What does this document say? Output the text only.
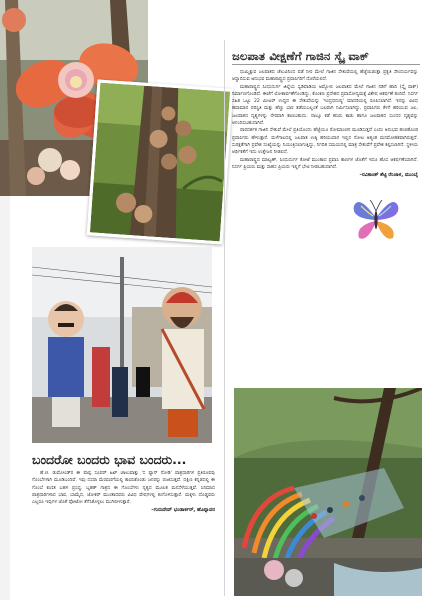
ಜಲಪಾತ ವೀಕ್ಷಣೆಗೆ ಗಾಜಿನ ಸ್ಕೈ ವಾಕ್

ಧುಮ್ಮಿಕ್ಕುವ ಜಲಪಾತದ ಚೆಲುವಿನಿಂದ ಪಡೆ ನೀರ ಮೇಲೆ ಗಾಜಿನ ಸೇತುವೆಯಲ್ಲಿ ಹೆಜ್ಜೆಯಿಡುತ್ತಾ ಪ್ರಕೃತಿ ಸೌಂದರ್ಯವನ್ನು ಆಸ್ವಾದಿಸುವ ಅನುಭವ ಮಹಾರಾಷ್ಟ್ರದ ಪ್ರವಾಸಿಗರಿಗೆ ದೊರೆಯಲಿದೆ.

ಮಹಾರಾಷ್ಟ್ರದ ಸಿಂಧುದುರ್ಗ ಜಿಲ್ಲೆಯ ಸ್ವಡಿವಾಡಿಯ ಅಮ್ಬೋಲಿ ಜಲಪಾತದ ಮೇಲೆ ಗಾಜಿನ ನಡಿಗೆ ಹಾದಿ (ಸ್ಕೈ ವಾಕ್) ನಿರ್ಮಾಣಗೊಂಡಿದೆ. ಈಚೆಗೆ ಲೋಕಾರ್ಪಣೆಗೊಂಡಿದ್ದು, ಕೊಂಕಣ ಪ್ರದೇಶದ ಪ್ರವಾಸೋದ್ಯಮಕ್ಕೆ ವಿಶೇಷ ಆಕರ್ಷಣೆ ತಂದಿದೆ. ನಿಸರ್ಗ ಸಹಿತ ಒಟ್ಟು 22 ಮೀಟರ್ ಉದ್ದದ ಈ ಸೇತುವೆಯನ್ನು 'ಇಂದ್ರಧನುಷ್ಯ' ಮಾದರಿಯಲ್ಲಿ ರೂಪಿಸಲಾಗಿದೆ. ಇದನ್ನು ವಿವಿಧ ಹವಾಮಾನ ಪರಿಸ್ಥಿತಿ ಮತ್ತು ಹೆಚ್ಚು ಭಾರ ತಡೆಯಬಲ್ಲಂತೆ ಬಲವಾಗಿ ನಿರ್ಮಿಸಲಾಗಿದ್ದು, ಪ್ರವಾಸಿಗರು ಕೆಳಗೆ ಹರಿಯುವ ಜಲ, ಜಲಪಾತದ ದೃಶ್ಯಗಳನ್ನು ನೇರವಾಗಿ ಕಾಣಬಹುದು. ನಾಲ್ಕೂ ಕಡೆ ಹಸಿರು ಕಾಡು ಹಾಗೂ ಜಲಪಾತದ ಸುಂದರ ದೃಶ್ಯವನ್ನು ಆನಂದಿಸಬಹುದಾಗಿದೆ.

ಪಾರದರ್ಶಕ ಗಾಜಿನ ಸೇತುವೆ ಮೇಲೆ ಪ್ರತಿಯೊಂದು ಹೆಜ್ಜೆಯೂ ರೋಮಾಂಚನ ಮೂಡಿಸುತ್ತದೆ ಎಂದು ಅನುಭವ ಹಂಚಿಕೊಂಡ ಪ್ರವಾಸಿಗರು ಹೇಳುತ್ತಾರೆ. ಮಳೆಗಾಲದಲ್ಲಿ ಜಲಪಾತ ಉಕ್ಕಿ ಹರಿಯುವಾಗ ಇಲ್ಲಿನ ನೋಟ ಅತ್ಯಂತ ಮನಮೋಹಕವಾಗಿರುತ್ತದೆ. ಸುರಕ್ಷತೆಗಾಗಿ ಪ್ರವೇಶ ಸಂಖ್ಯೆಯನ್ನು ನಿಯಂತ್ರಿಸಲಾಗುತ್ತಿದ್ದು, ನಿಗದಿತ ಸಮಯದಲ್ಲಿ ಮಾತ್ರ ಸೇತುವೆಗೆ ಪ್ರವೇಶ ಕಲ್ಪಿಸಲಾಗಿದೆ. ಸ್ಥಳೀಯ ಆರ್ಥಿಕತೆಗೆ ಇದು ಉತ್ತೇಜನ ನೀಡಲಿದೆ.

ಮಹಾರಾಷ್ಟ್ರದ ಮಾಲ್ವಣ್, ಸಿಂಧುದುರ್ಗ ಕೋಟೆ ಮುಂತಾದ ಪ್ರವಾಸಿ ತಾಣಗಳ ಜೊತೆಗೆ ಇದೂ ಹೊಸ ಆಕರ್ಷಣೆಯಾಗಿದೆ. ನಿಸರ್ಗ ಪ್ರಿಯರು ಮತ್ತು ಸಾಹಸ ಪ್ರಿಯರು ಇಲ್ಲಿಗೆ ಭೇಟಿ ನೀಡಬಹುದಾಗಿದೆ.

–ರವಿಕಾಂತ್ ಶೆಟ್ಟಿ ರೆಂಜಾಳ, ಮುಂಬೈ
ಬಂದರೋ ಬಂದರು ಭಾವ ಬಂದರು...

ಹೆ.ಚ. ಡುಮೋಂಡ್‌ರ ಈ ಪಾಪ್ಪ ಸೂಪರ್ ಹಿಟ್ ಚಾಲುವಾತ್ತು 'ಸ ಫ್ಯಾನ್ ನೋಡಿ' ಪಾತ್ರಧಾರಿಗಳ ಪ್ರತಿರೂಪವು ಗೊಂಬೆಗಳಾಗಿ ಮೂಡಿಬಂದಿವೆ. ಇವು ದಸರಾ ಮೆರವಣಿಗೆಯಲ್ಲಿ ಕಾಣಿಸಿಕೊಂಡು ಜನರನ್ನು ರಂಜಿಸುತ್ತವೆ. ದಕ್ಷಿಣ ಕನ್ನಡದಲ್ಲಿ ಈ ಗೊಂಬೆ ಕುಣಿತ ಬಹಳ ಪ್ರಸಿದ್ಧ. ಬೃಹತ್ ಗಾತ್ರದ ಈ ಗೊಂಬೆಗಳು ನೃತ್ಯದ ಮೂಲಕ ಮನಸೆಳೆಯುತ್ತವೆ. ಸಿನಿಮಾದ ಪಾತ್ರಧಾರಿಗಳಾದ ಭಾವ, ಬಾಮೈದ, ಜೋಕರ್ ಮುಂತಾದವರು ವಿವಿಧ ವೇಷಗಳಲ್ಲಿ ಕಂಗೊಳಿಸುತ್ತಾರೆ. ಮಕ್ಕಳು ದೊಡ್ಡವರು ಎಲ್ಲರೂ ಇವುಗಳ ಜೊತೆ ಫೋಟೋ ತೆಗೆಸಿಕೊಳ್ಳಲು ಮುಗಿಬೀಳುತ್ತಾರೆ.

–ಗುರುದೇವ್ ಭಂಡಾರ್ಕರ್, ಹೊನ್ನಾವರ
